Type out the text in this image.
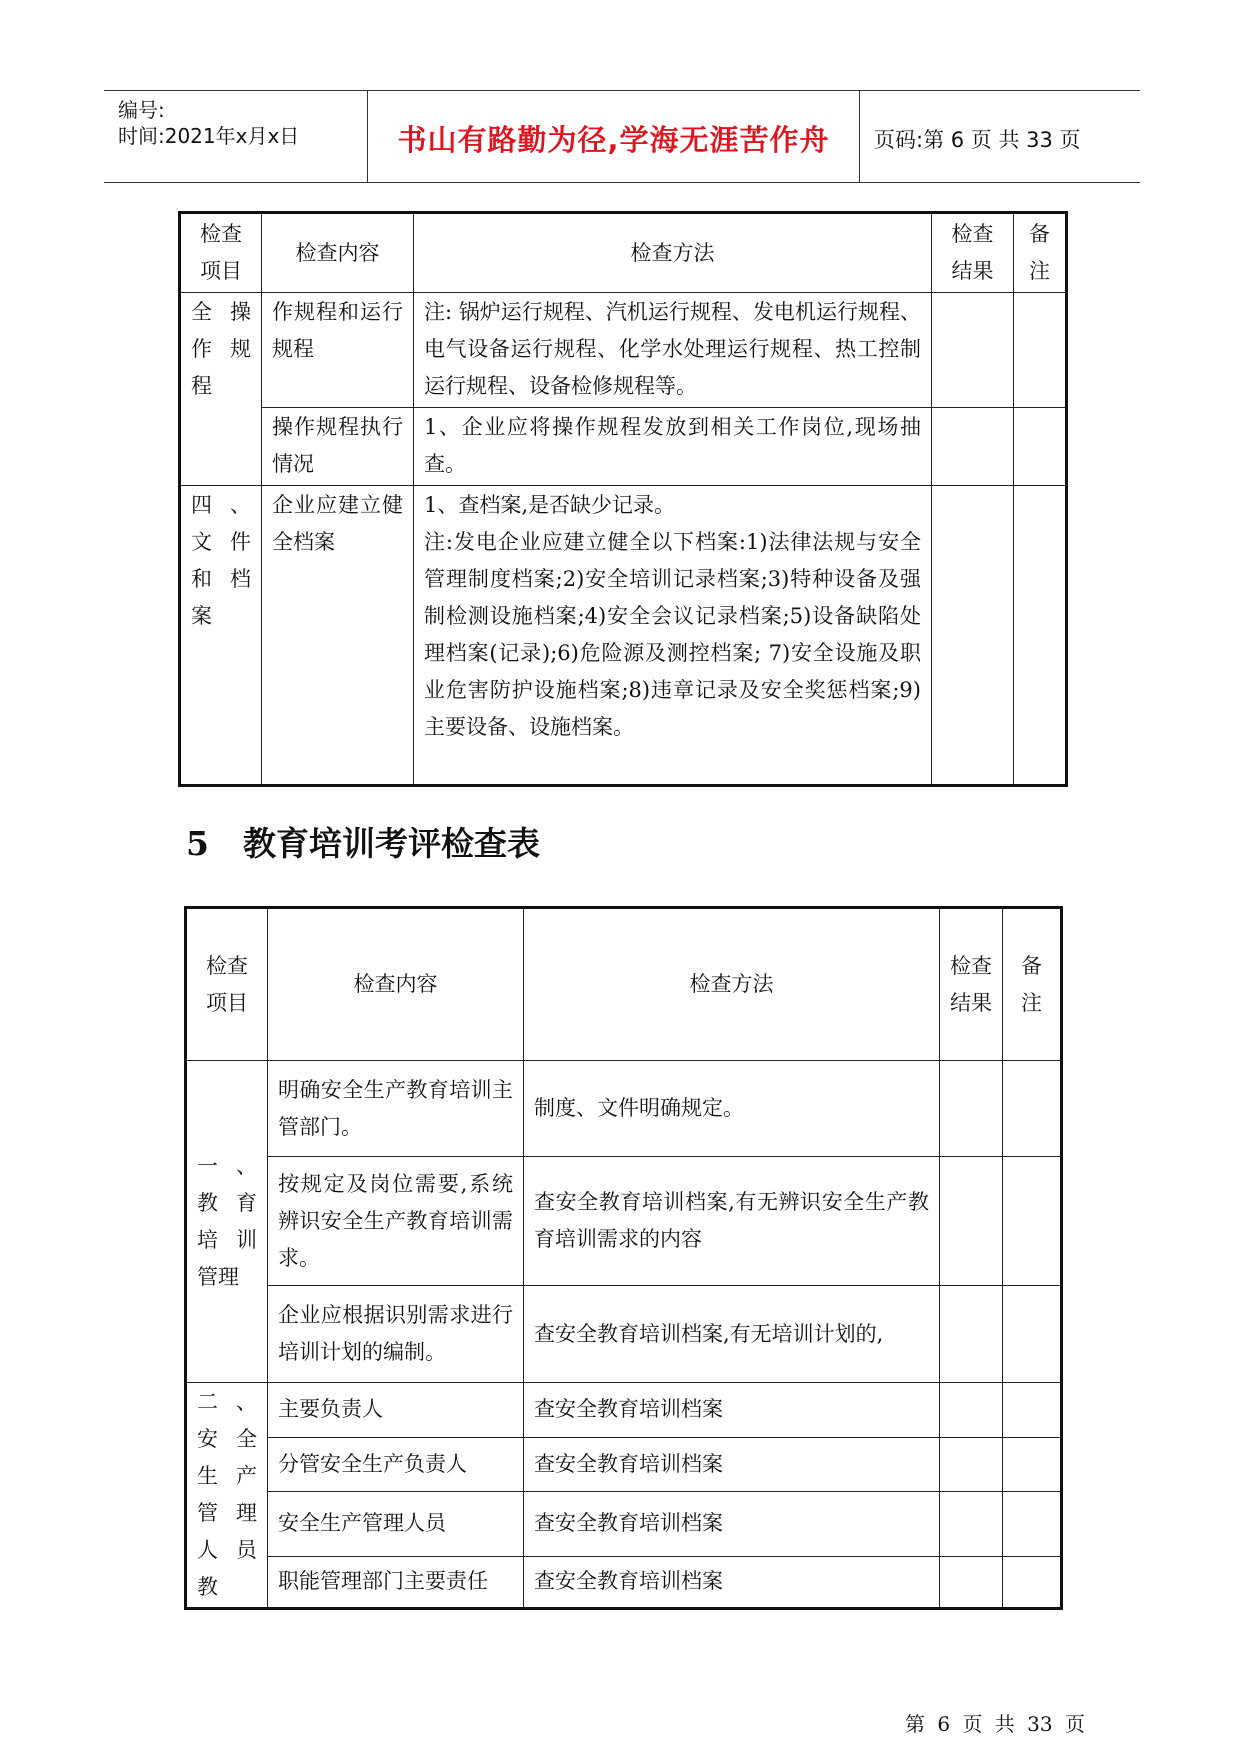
编号:
时间:2021年x月x日	书山有路勤为径,学海无涯苦作舟 页码:第 6 页 共 33 页
检查项目	检查内容	检查方法	检查结果	备注
全 操作 规程	作规程和运行规程	注: 锅炉运行规程、汽机运行规程、发电机运行规程、电气设备运行规程、化学水处理运行规程、热工控制运行规程、设备检修规程等。		
	操作规程执行情况	1、企业应将操作规程发放到相关工作岗位,现场抽查。		
四、文件 和档案	企业应建立健全档案	1、查档案,是否缺少记录。
注:发电企业应建立健全以下档案:1)法律法规与安全管理制度档案;2)安全培训记录档案;3)特种设备及强制检测设施档案;4)安全会议记录档案;5)设备缺陷处理档案(记录);6)危险源及测控档案; 7)安全设施及职业危害防护设施档案;8)违章记录及安全奖惩档案;9)主要设备、设施档案。		

5 教育培训考评检查表
检查项目	检查内容	检查方法	检查结果	备注
一、教育 培训 管理	明确安全生产教育培训主管部门。	制度、文件明确规定。		
	按规定及岗位需要,系统辨识安全生产教育培训需求。	查安全教育培训档案,有无辨识安全生产教育培训需求的内容		
	企业应根据识别需求进行培训计划的编制。	查安全教育培训档案,有无培训计划的,		
二、安全 生产 管理 人员 教	主要负责人	查安全教育培训档案		
	分管安全生产负责人	查安全教育培训档案		
	安全生产管理人员	查安全教育培训档案		
	职能管理部门主要责任	查安全教育培训档案		
第 6 页 共 33 页
